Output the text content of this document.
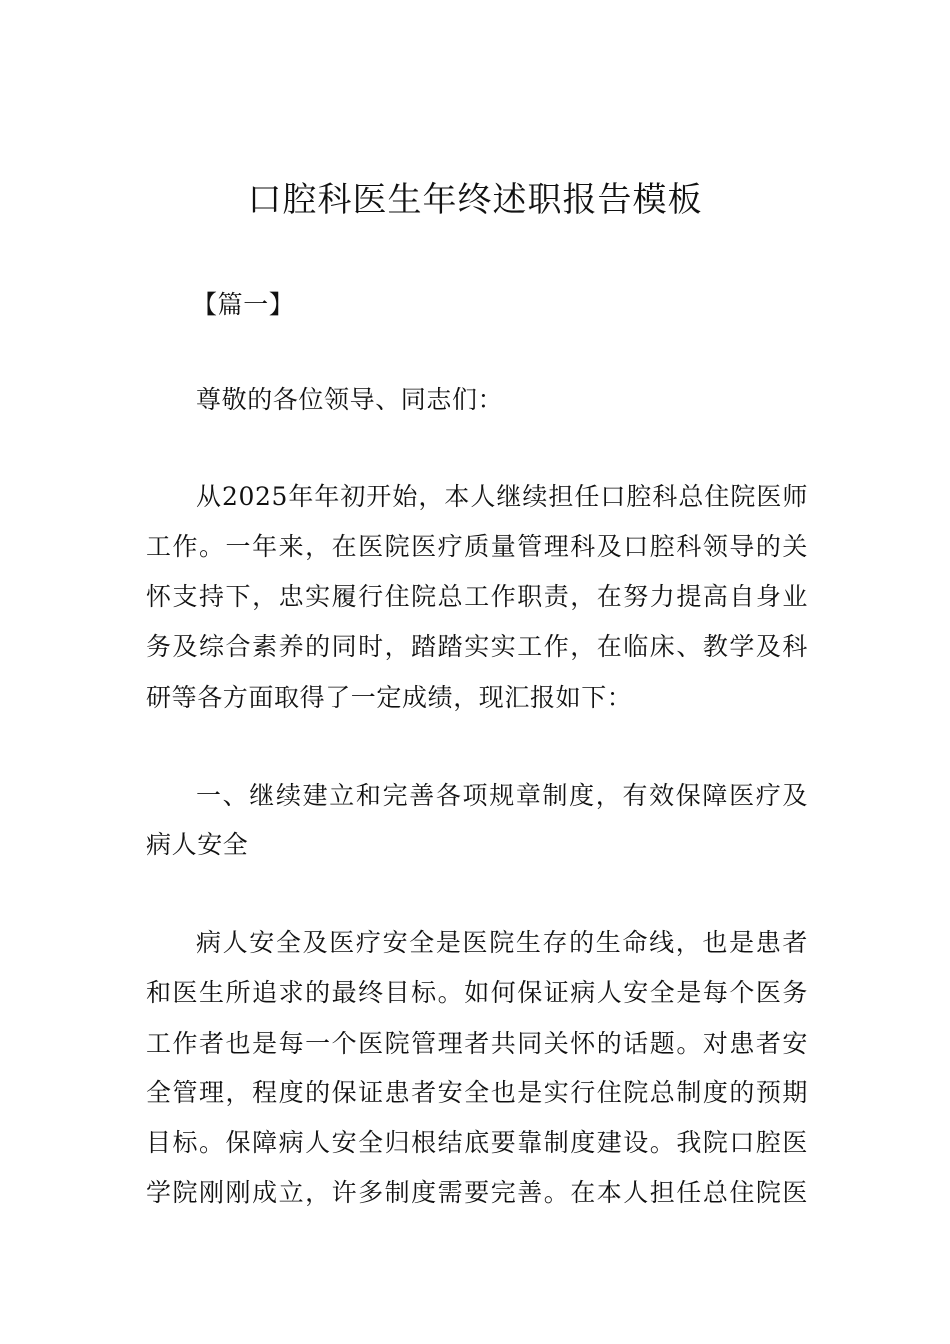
口腔科医生年终述职报告模板
【篇一】
尊敬的各位领导、同志们：
从2025年年初开始，本人继续担任口腔科总住院医师
工作。一年来，在医院医疗质量管理科及口腔科领导的关
怀支持下，忠实履行住院总工作职责，在努力提高自身业
务及综合素养的同时，踏踏实实工作，在临床、教学及科
研等各方面取得了一定成绩，现汇报如下：
一、继续建立和完善各项规章制度，有效保障医疗及
病人安全
病人安全及医疗安全是医院生存的生命线，也是患者
和医生所追求的最终目标。如何保证病人安全是每个医务
工作者也是每一个医院管理者共同关怀的话题。对患者安
全管理，程度的保证患者安全也是实行住院总制度的预期
目标。保障病人安全归根结底要靠制度建设。我院口腔医
学院刚刚成立，许多制度需要完善。在本人担任总住院医
